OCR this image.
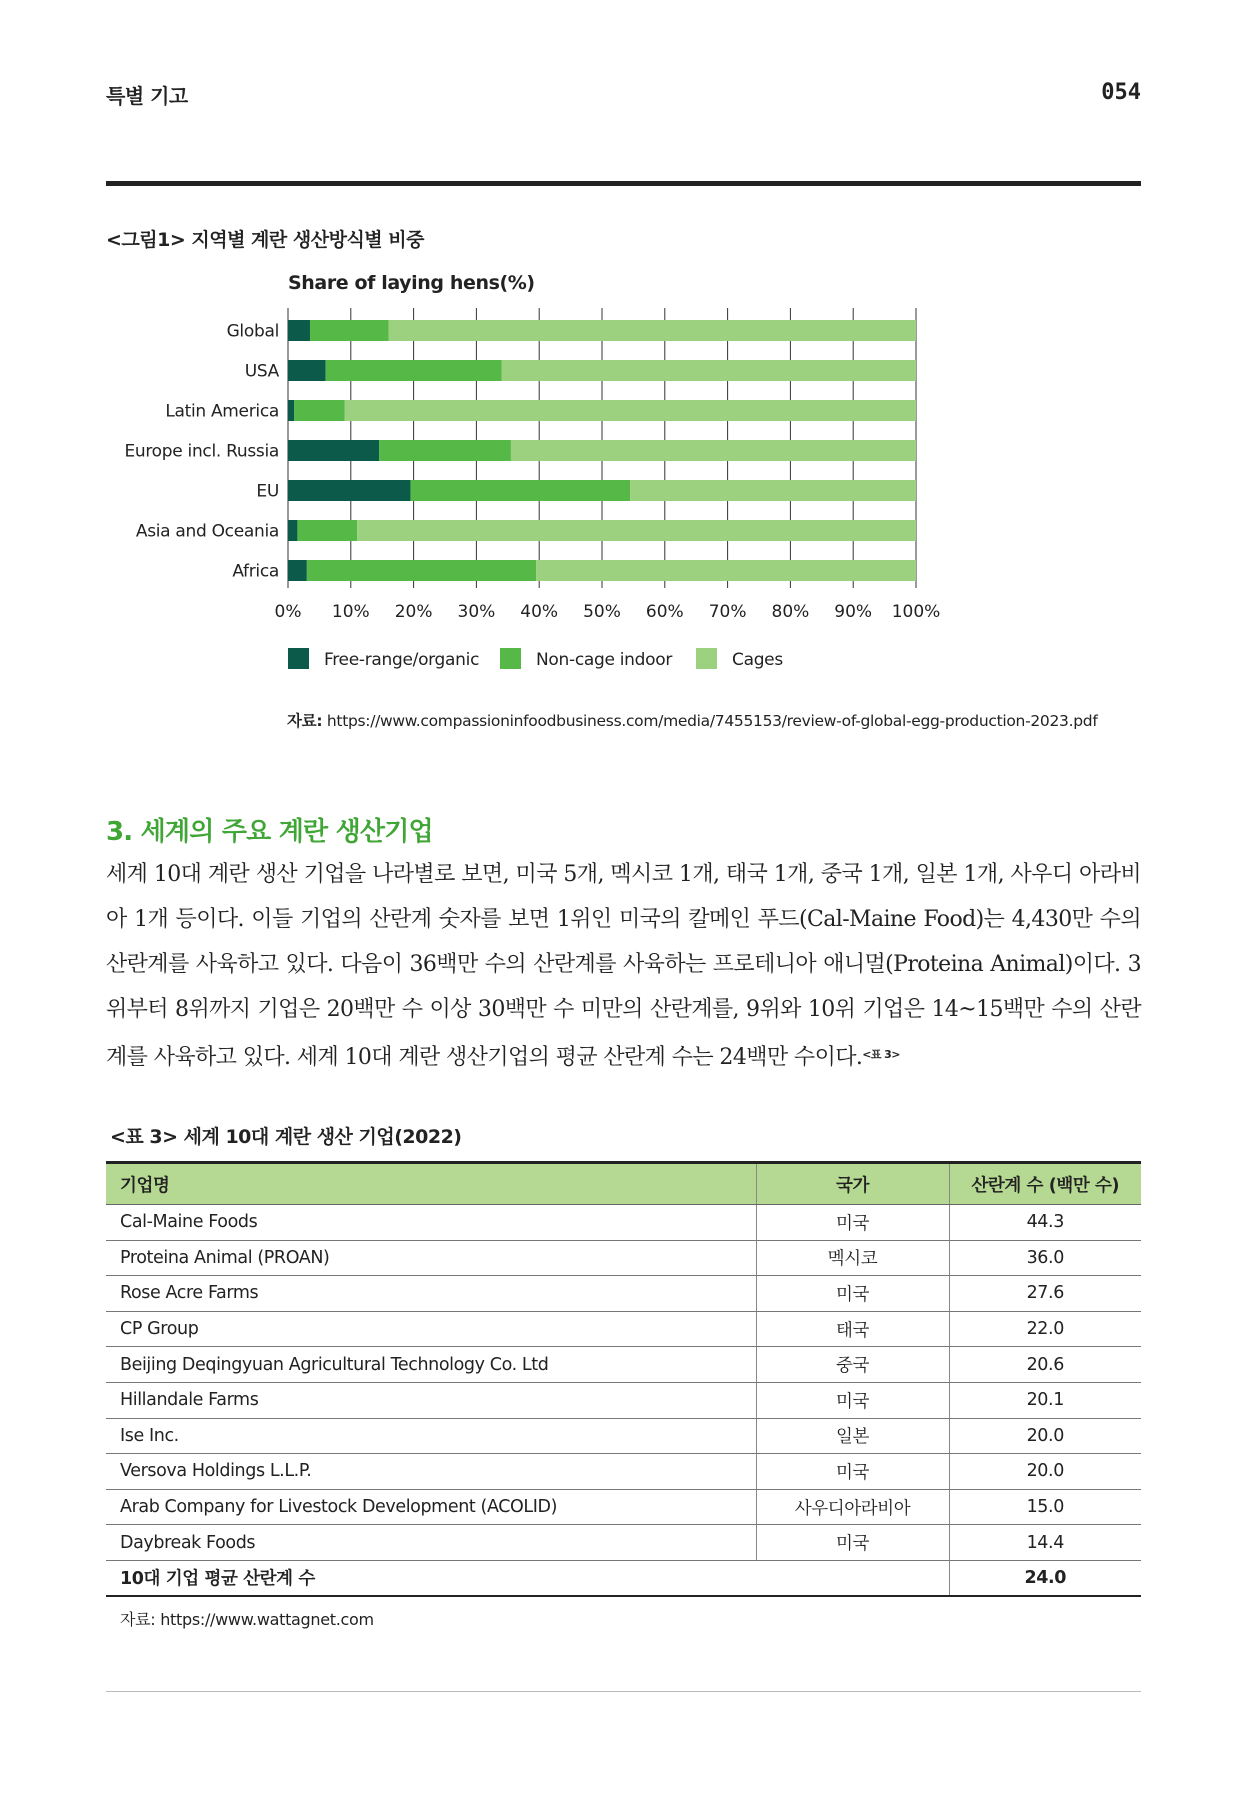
특별 기고	054
<그림1> 지역별 계란 생산방식별 비중
Share of laying hens(%)
0% 10% 20% 30% 40% 50% 60% 70% 80% 90% 100%
Global
USA
Latin America
Europe incl. Russia
EU
Asia and Oceania
Africa
Free-range/organic	Non-cage indoor	Cages
자료: https://www.compassioninfoodbusiness.com/media/7455153/review-of-global-egg-production-2023.pdf
3. 세계의 주요 계란 생산기업
세계 10대 계란 생산 기업을 나라별로 보면, 미국 5개, 멕시코 1개, 태국 1개, 중국 1개, 일본 1개, 사우디 아라비아 1개 등이다. 이들 기업의 산란계 숫자를 보면 1위인 미국의 칼메인 푸드(Cal-Maine Food)는 4,430만 수의 산란계를 사육하고 있다. 다음이 36백만 수의 산란계를 사육하는 프로테니아 애니멀(Proteina Animal)이다. 3위부터 8위까지 기업은 20백만 수 이상 30백만 수 미만의 산란계를, 9위와 10위 기업은 14~15백만 수의 산란계를 사육하고 있다. 세계 10대 계란 생산기업의 평균 산란계 수는 24백만 수이다.$^{<표 3>}$
<표 3> 세계 10대 계란 생산 기업(2022)
기업명	국가	산란계 수 (백만 수)
Cal-Maine Foods	미국	44.3
Proteina Animal (PROAN)	멕시코	36.0
Rose Acre Farms	미국	27.6
CP Group	태국	22.0
Beijing Deqingyuan Agricultural Technology Co. Ltd	중국	20.6
Hillandale Farms	미국	20.1
Ise Inc.	일본	20.0
Versova Holdings L.L.P.	미국	20.0
Arab Company for Livestock Development (ACOLID)	사우디아라비아	15.0
Daybreak Foods	미국	14.4
10대 기업 평균 산란계 수		24.0
자료: https://www.wattagnet.com
